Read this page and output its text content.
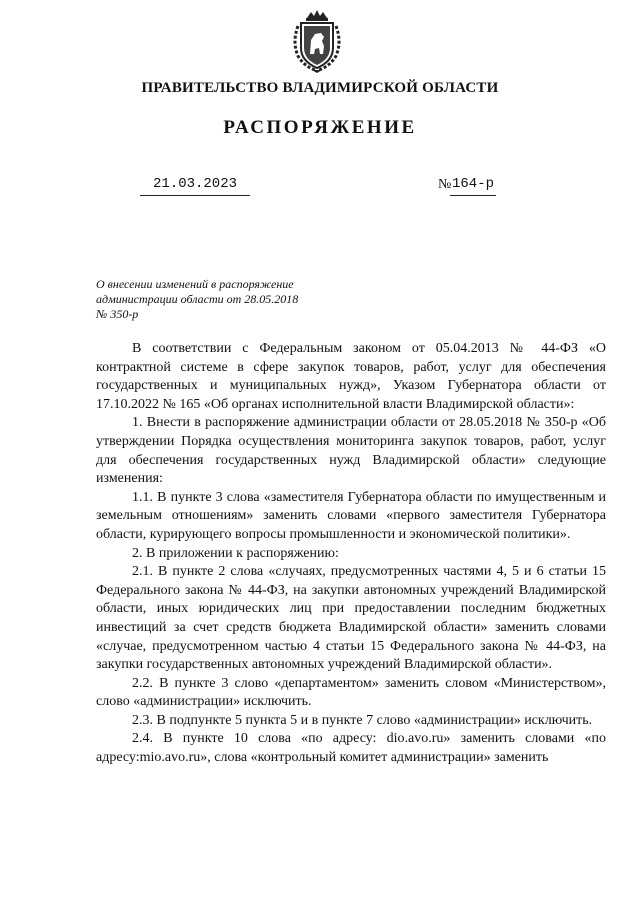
ПРАВИТЕЛЬСТВО ВЛАДИМИРСКОЙ ОБЛАСТИ
РАСПОРЯЖЕНИЕ
21.03.2023	№ 164-р
О внесении изменений в распоряжение
администрации области от 28.05.2018
№ 350-р

В соответствии с Федеральным законом от 05.04.2013 № 44-ФЗ «О контрактной системе в сфере закупок товаров, работ, услуг для обеспечения государственных и муниципальных нужд», Указом Губернатора области от 17.10.2022 № 165 «Об органах исполнительной власти Владимирской области»:

1. Внести в распоряжение администрации области от 28.05.2018 № 350-р «Об утверждении Порядка осуществления мониторинга закупок товаров, работ, услуг для обеспечения государственных нужд Владимирской области» следующие изменения:

1.1. В пункте 3 слова «заместителя Губернатора области по имущественным и земельным отношениям» заменить словами «первого заместителя Губернатора области, курирующего вопросы промышленности и экономической политики».

2. В приложении к распоряжению:

2.1. В пункте 2 слова «случаях, предусмотренных частями 4, 5 и 6 статьи 15 Федерального закона № 44-ФЗ, на закупки автономных учреждений Владимирской области, иных юридических лиц при предоставлении последним бюджетных инвестиций за счет средств бюджета Владимирской области» заменить словами «случае, предусмотренном частью 4 статьи 15 Федерального закона № 44-ФЗ, на закупки государственных автономных учреждений Владимирской области».

2.2. В пункте 3 слово «департаментом» заменить словом «Министерством», слово «администрации» исключить.

2.3. В подпункте 5 пункта 5 и в пункте 7 слово «администрации» исключить.

2.4. В пункте 10 слова «по адресу: dio.avo.ru» заменить словами «по адресу:mio.avo.ru», слова «контрольный комитет администрации» заменить
